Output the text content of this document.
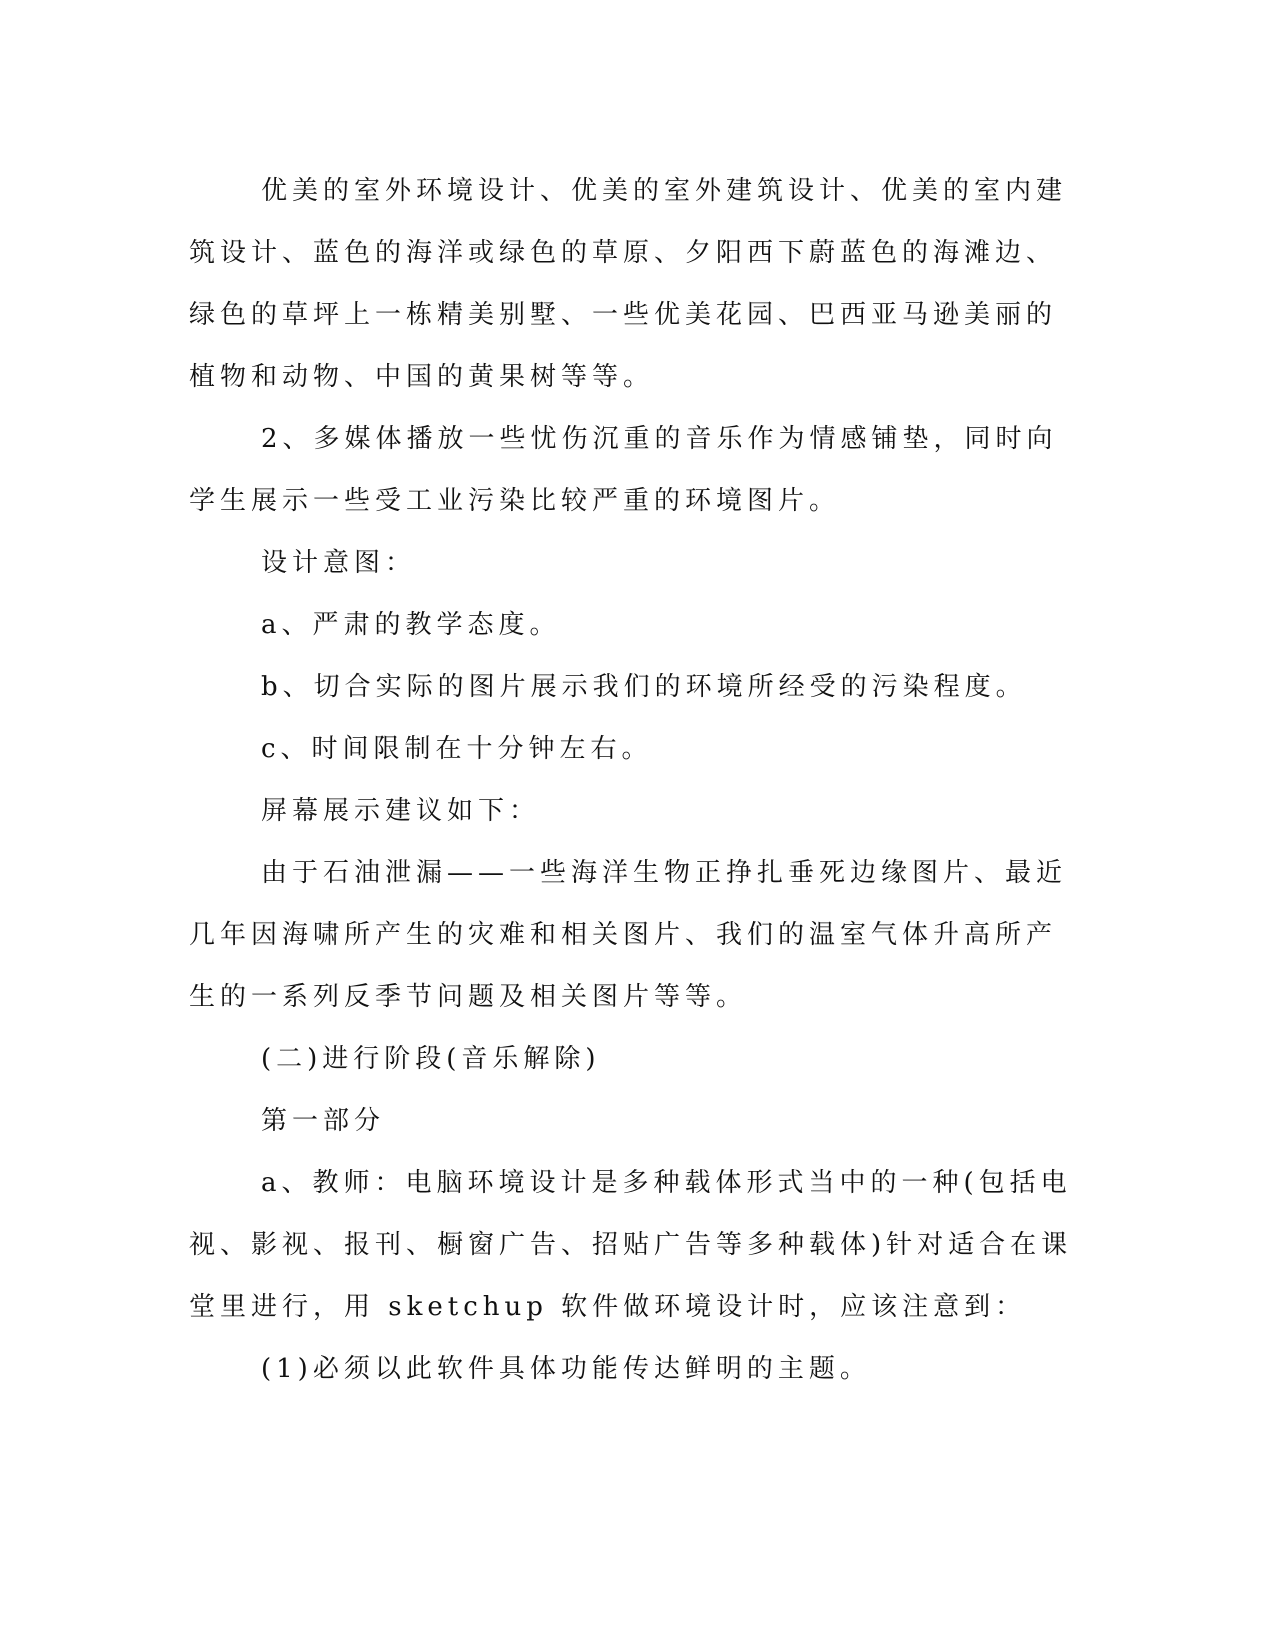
优美的室外环境设计、优美的室外建筑设计、优美的室内建筑设计、蓝色的海洋或绿色的草原、夕阳西下蔚蓝色的海滩边、绿色的草坪上一栋精美别墅、一些优美花园、巴西亚马逊美丽的植物和动物、中国的黄果树等等。

2、多媒体播放一些忧伤沉重的音乐作为情感铺垫，同时向学生展示一些受工业污染比较严重的环境图片。

设计意图：

a、严肃的教学态度。

b、切合实际的图片展示我们的环境所经受的污染程度。

c、时间限制在十分钟左右。

屏幕展示建议如下：

由于石油泄漏——一些海洋生物正挣扎垂死边缘图片、最近几年因海啸所产生的灾难和相关图片、我们的温室气体升高所产生的一系列反季节问题及相关图片等等。

(二)进行阶段(音乐解除)

第一部分

a、教师：电脑环境设计是多种载体形式当中的一种(包括电视、影视、报刊、橱窗广告、招贴广告等多种载体)针对适合在课堂里进行，用 sketchup 软件做环境设计时，应该注意到：

(1)必须以此软件具体功能传达鲜明的主题。
